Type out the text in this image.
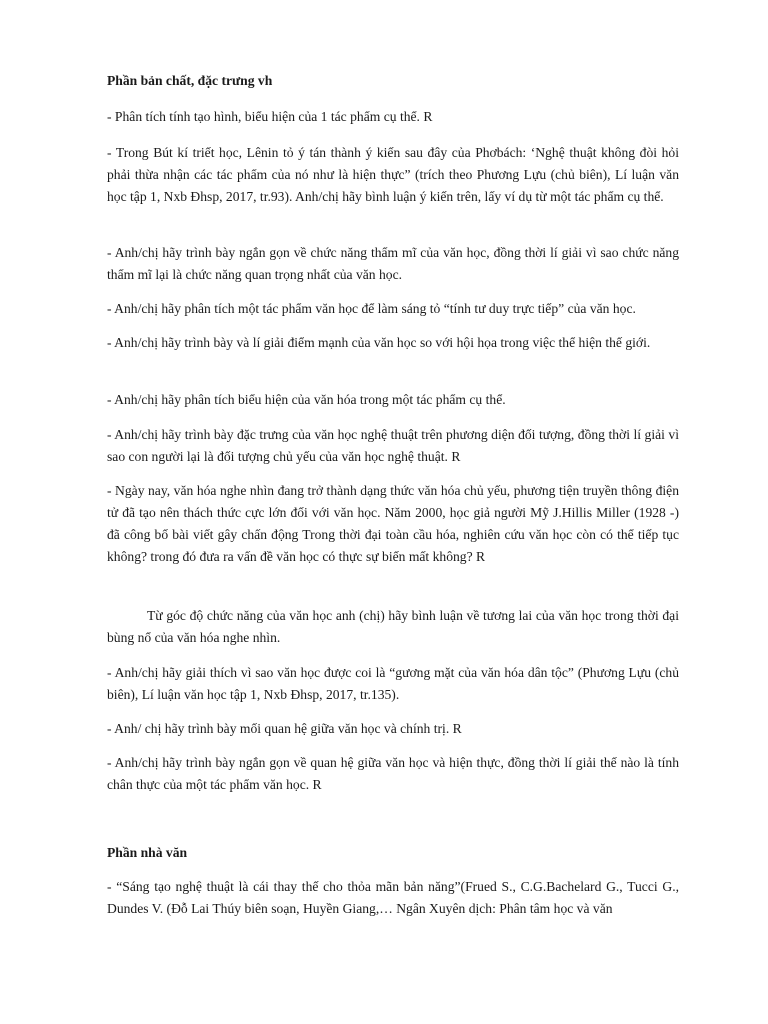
Phần bản chất, đặc trưng vh

- Phân tích tính tạo hình, biểu hiện của 1 tác phẩm cụ thể. R

- Trong Bút kí triết học, Lênin tỏ ý tán thành ý kiến sau đây của Phơbách: ‘Nghệ thuật không đòi hỏi phải thừa nhận các tác phẩm của nó như là hiện thực” (trích theo Phương Lựu (chủ biên), Lí luận văn học tập 1, Nxb Đhsp, 2017, tr.93). Anh/chị hãy bình luận ý kiến trên, lấy ví dụ từ một tác phẩm cụ thể.

- Anh/chị hãy trình bày ngắn gọn về chức năng thẩm mĩ của văn học, đồng thời lí giải vì sao chức năng thẩm mĩ lại là chức năng quan trọng nhất của văn học.

- Anh/chị hãy phân tích một tác phẩm văn học để làm sáng tỏ “tính tư duy trực tiếp” của văn học.

- Anh/chị hãy trình bày và lí giải điểm mạnh của văn học so với hội họa trong việc thể hiện thế giới.

- Anh/chị hãy phân tích biểu hiện của văn hóa trong một tác phẩm cụ thể.

- Anh/chị hãy trình bày đặc trưng của văn học nghệ thuật trên phương diện đối tượng, đồng thời lí giải vì sao con người lại là đối tượng chủ yếu của văn học nghệ thuật. R

- Ngày nay, văn hóa nghe nhìn đang trở thành dạng thức văn hóa chủ yếu, phương tiện truyền thông điện tử đã tạo nên thách thức cực lớn đối với văn học. Năm 2000, học giả người Mỹ J.Hillis Miller (1928 -) đã công bố bài viết gây chấn động Trong thời đại toàn cầu hóa, nghiên cứu văn học còn có thể tiếp tục không? trong đó đưa ra vấn đề văn học có thực sự biến mất không? R

Từ góc độ chức năng của văn học anh (chị) hãy bình luận về tương lai của văn học trong thời đại bùng nổ của văn hóa nghe nhìn.

- Anh/chị hãy giải thích vì sao văn học được coi là “gương mặt của văn hóa dân tộc” (Phương Lựu (chủ biên), Lí luận văn học tập 1, Nxb Đhsp, 2017, tr.135).

- Anh/ chị hãy trình bày mối quan hệ giữa văn học và chính trị. R

- Anh/chị hãy trình bày ngắn gọn về quan hệ giữa văn học và hiện thực, đồng thời lí giải thế nào là tính chân thực của một tác phẩm văn học. R

Phần nhà văn

- “Sáng tạo nghệ thuật là cái thay thế cho thỏa mãn bản năng”(Frued S., C.G.Bachelard G., Tucci G., Dundes V. (Đỗ Lai Thúy biên soạn, Huyền Giang,… Ngân Xuyên dịch: Phân tâm học và văn
